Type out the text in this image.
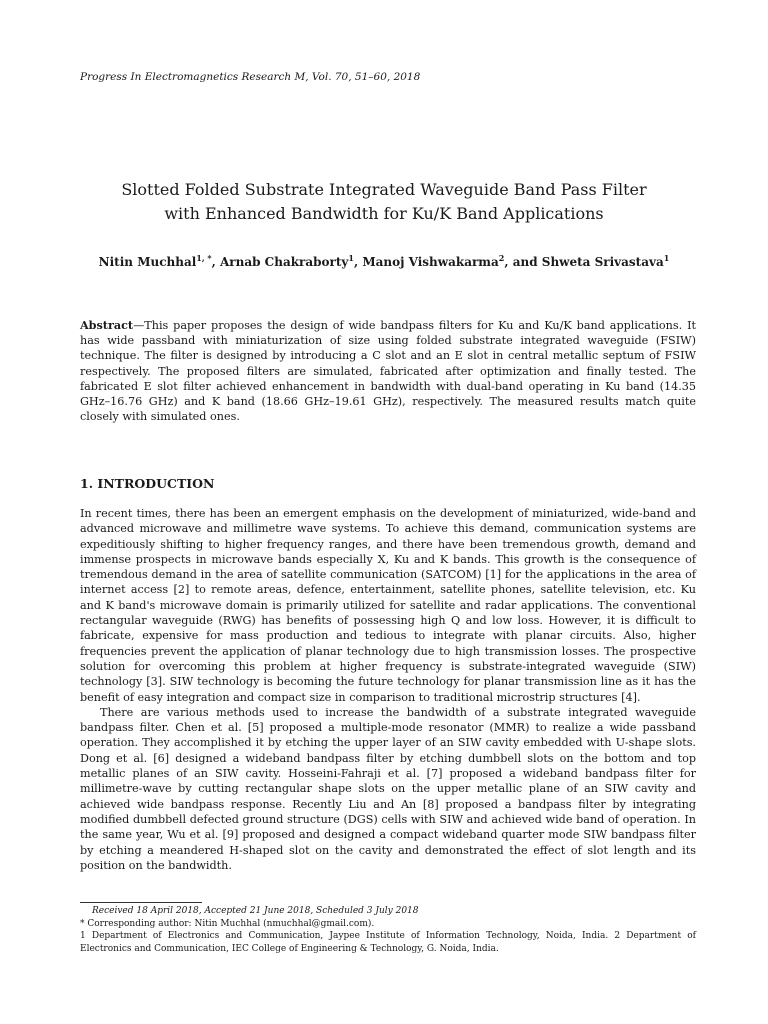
Progress In Electromagnetics Research M, Vol. 70, 51–60, 2018
Slotted Folded Substrate Integrated Waveguide Band Pass Filter
with Enhanced Bandwidth for Ku/K Band Applications
Nitin Muchhal$^{1, *}$, Arnab Chakraborty$^1$, Manoj Vishwakarma$^2$, and Shweta Srivastava$^1$
Abstract—This paper proposes the design of wide bandpass filters for Ku and Ku/K band applications. It has wide passband with miniaturization of size using folded substrate integrated waveguide (FSIW) technique. The filter is designed by introducing a C slot and an E slot in central metallic septum of FSIW respectively. The proposed filters are simulated, fabricated after optimization and finally tested. The fabricated E slot filter achieved enhancement in bandwidth with dual-band operating in Ku band (14.35 GHz–16.76 GHz) and K band (18.66 GHz–19.61 GHz), respectively. The measured results match quite closely with simulated ones.
1. INTRODUCTION

In recent times, there has been an emergent emphasis on the development of miniaturized, wide-band and advanced microwave and millimetre wave systems. To achieve this demand, communication systems are expeditiously shifting to higher frequency ranges, and there have been tremendous growth, demand and immense prospects in microwave bands especially X, Ku and K bands. This growth is the consequence of tremendous demand in the area of satellite communication (SATCOM) [1] for the applications in the area of internet access [2] to remote areas, defence, entertainment, satellite phones, satellite television, etc. Ku and K band's microwave domain is primarily utilized for satellite and radar applications. The conventional rectangular waveguide (RWG) has benefits of possessing high Q and low loss. However, it is difficult to fabricate, expensive for mass production and tedious to integrate with planar circuits. Also, higher frequencies prevent the application of planar technology due to high transmission losses. The prospective solution for overcoming this problem at higher frequency is substrate-integrated waveguide (SIW) technology [3]. SIW technology is becoming the future technology for planar transmission line as it has the benefit of easy integration and compact size in comparison to traditional microstrip structures [4].

There are various methods used to increase the bandwidth of a substrate integrated waveguide bandpass filter. Chen et al. [5] proposed a multiple-mode resonator (MMR) to realize a wide passband operation. They accomplished it by etching the upper layer of an SIW cavity embedded with U-shape slots. Dong et al. [6] designed a wideband bandpass filter by etching dumbbell slots on the bottom and top metallic planes of an SIW cavity. Hosseini-Fahraji et al. [7] proposed a wideband bandpass filter for millimetre-wave by cutting rectangular shape slots on the upper metallic plane of an SIW cavity and achieved wide bandpass response. Recently Liu and An [8] proposed a bandpass filter by integrating modified dumbbell defected ground structure (DGS) cells with SIW and achieved wide band of operation. In the same year, Wu et al. [9] proposed and designed a compact wideband quarter mode SIW bandpass filter by etching a meandered H-shaped slot on the cavity and demonstrated the effect of slot length and its position on the bandwidth.

Received 18 April 2018, Accepted 21 June 2018, Scheduled 3 July 2018
* Corresponding author: Nitin Muchhal (nmuchhal@gmail.com).
1 Department of Electronics and Communication, Jaypee Institute of Information Technology, Noida, India. 2 Department of Electronics and Communication, IEC College of Engineering & Technology, G. Noida, India.
